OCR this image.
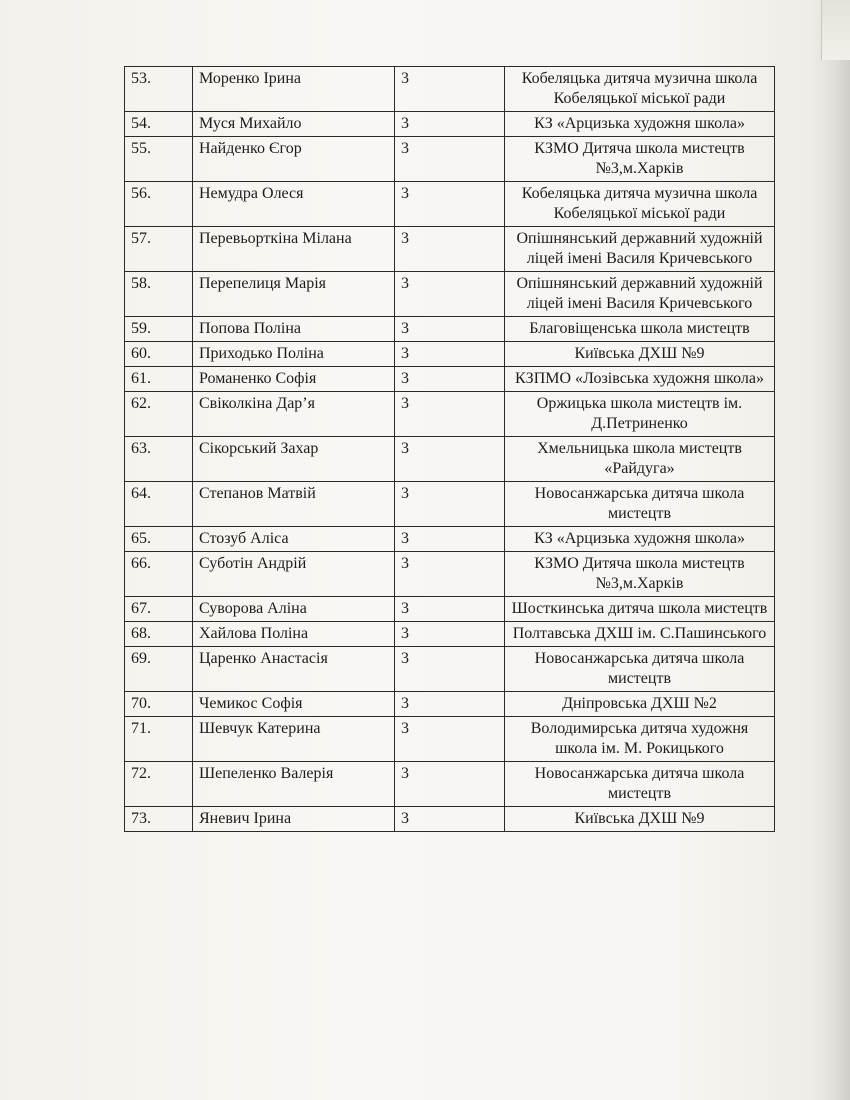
53.	Моренко Ірина	3	Кобеляцька дитяча музична школа Кобеляцької міської ради
54.	Муся Михайло	3	КЗ «Арцизька художня школа»
55.	Найденко Єгор	3	КЗМО Дитяча школа мистецтв №3,м.Харків
56.	Немудра Олеся	3	Кобеляцька дитяча музична школа Кобеляцької міської ради
57.	Перевьорткіна Мілана	3	Опішнянський державний художній ліцей імені Василя Кричевського
58.	Перепелиця Марія	3	Опішнянський державний художній ліцей імені Василя Кричевського
59.	Попова Поліна	3	Благовіщенська школа мистецтв
60.	Приходько Поліна	3	Київська ДХШ №9
61.	Романенко Софія	3	КЗПМО «Лозівська художня школа»
62.	Свіколкіна Дар’я	3	Оржицька школа мистецтв ім. Д.Петриненко
63.	Сікорський Захар	3	Хмельницька школа мистецтв «Райдуга»
64.	Степанов Матвій	3	Новосанжарська дитяча школа мистецтв
65.	Стозуб Аліса	3	КЗ «Арцизька художня школа»
66.	Суботін Андрій	3	КЗМО Дитяча школа мистецтв №3,м.Харків
67.	Суворова Аліна	3	Шосткинська дитяча школа мистецтв
68.	Хайлова Поліна	3	Полтавська ДХШ ім. С.Пашинського
69.	Царенко Анастасія	3	Новосанжарська дитяча школа мистецтв
70.	Чемикос Софія	3	Дніпровська ДХШ №2
71.	Шевчук Катерина	3	Володимирська дитяча художня школа ім. М. Рокицького
72.	Шепеленко Валерія	3	Новосанжарська дитяча школа мистецтв
73.	Яневич Ірина	3	Київська ДХШ №9
